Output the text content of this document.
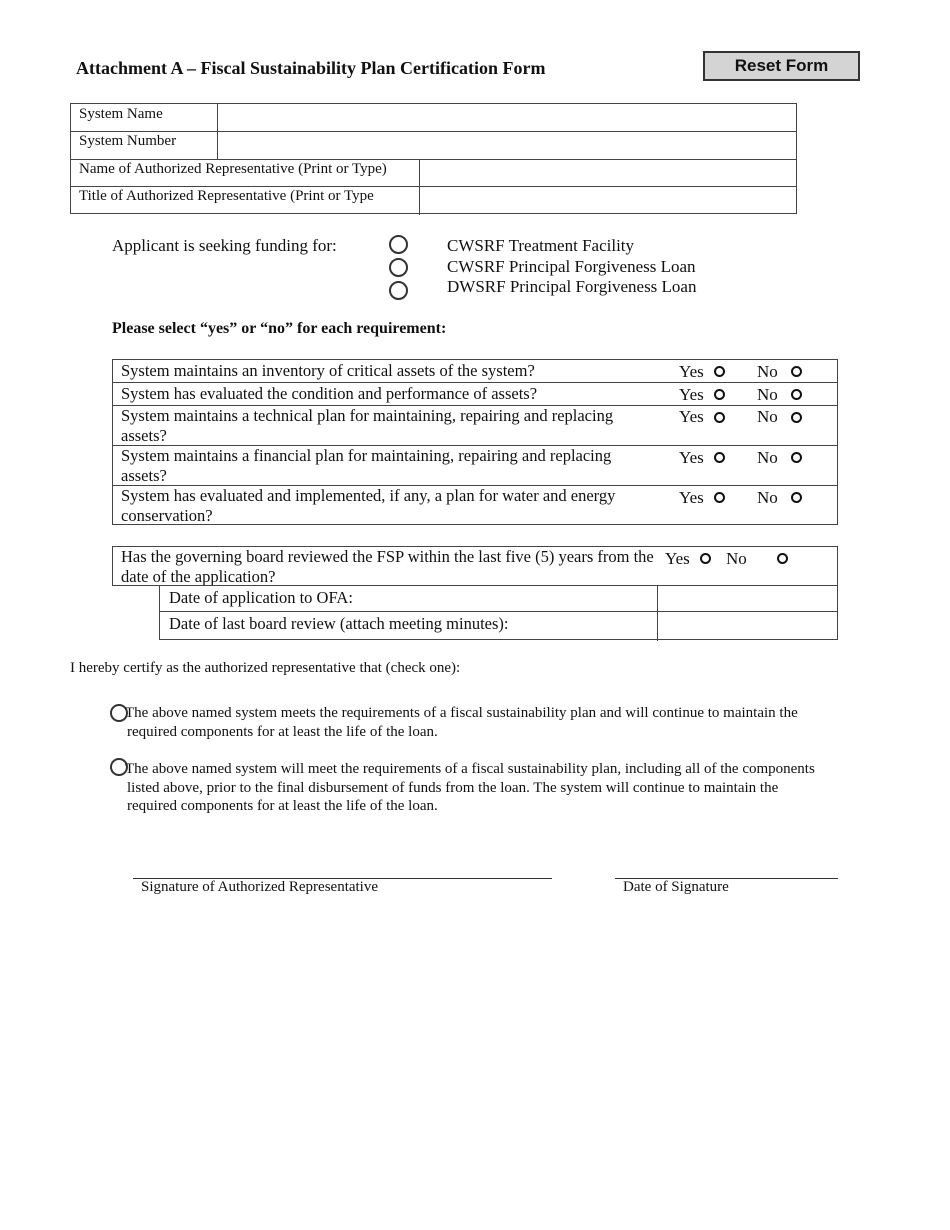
Attachment A – Fiscal Sustainability Plan Certification Form	Reset Form
System Name
System Number
Name of Authorized Representative (Print or Type)
Title of Authorized Representative (Print or Type
Applicant is seeking funding for:	CWSRF Treatment Facility
CWSRF Principal Forgiveness Loan
DWSRF Principal Forgiveness Loan
Please select “yes” or “no” for each requirement:
System maintains an inventory of critical assets of the system?	Yes	No
System has evaluated the condition and performance of assets?	Yes	No
System maintains a technical plan for maintaining, repairing and replacing assets?
Yes	No
System maintains a financial plan for maintaining, repairing and replacing assets?
Yes	No
System has evaluated and implemented, if any, a plan for water and energy conservation?
Yes	No
Has the governing board reviewed the FSP within the last five (5) years from the date of the application?
Yes No
Date of application to OFA:
Date of last board review (attach meeting minutes):
I hereby certify as the authorized representative that (check one):
The above named system meets the requirements of a fiscal sustainability plan and will continue to maintain the required components for at least the life of the loan.
The above named system will meet the requirements of a fiscal sustainability plan, including all of the components listed above, prior to the final disbursement of funds from the loan. The system will continue to maintain the required components for at least the life of the loan.
Signature of Authorized Representative	Date of Signature
